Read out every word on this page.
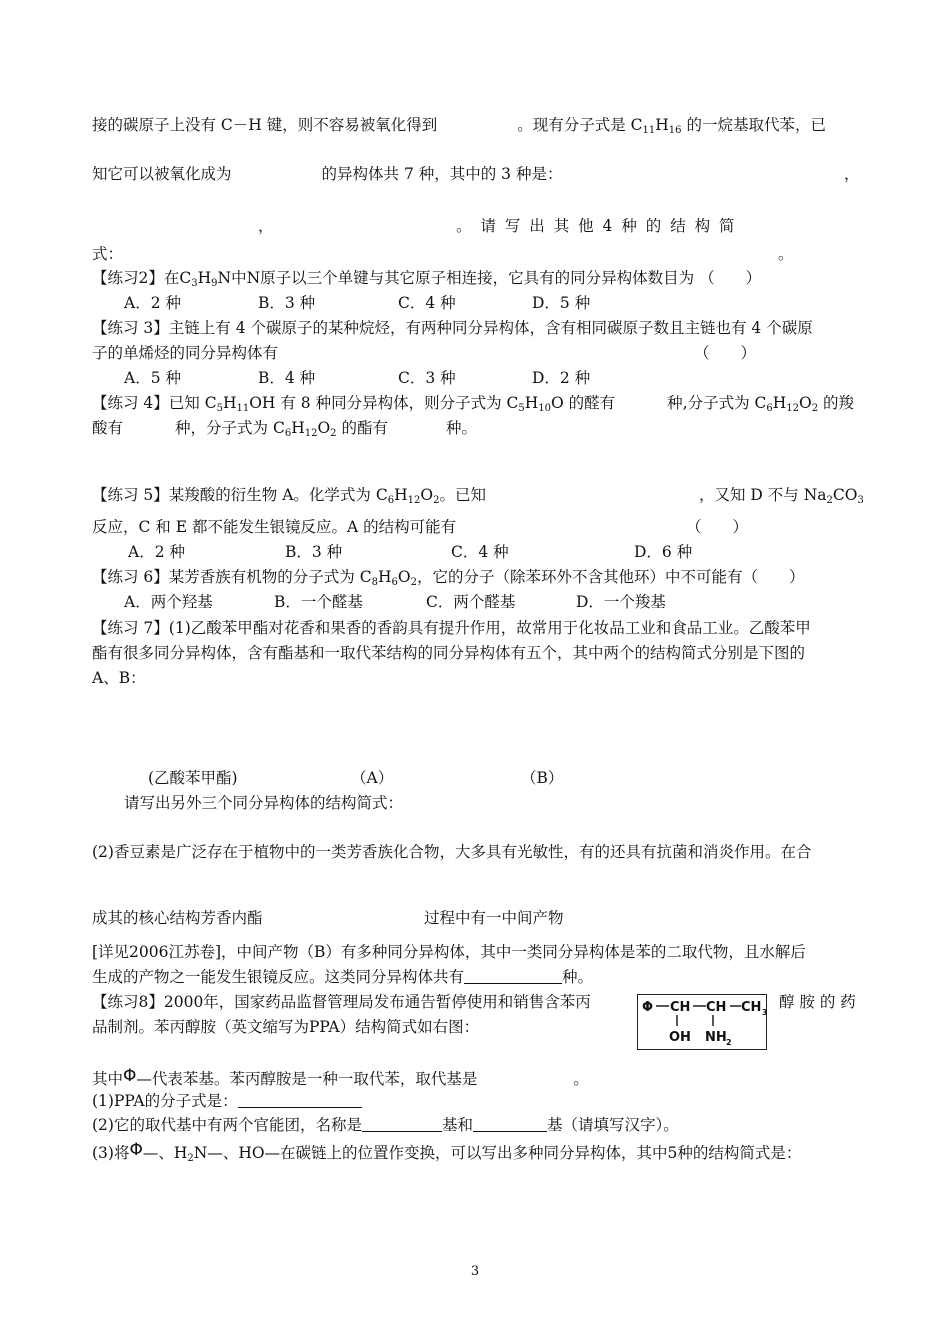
接的碳原子上没有 C－H 键，则不容易被氧化得到	。现有分子式是 $C_{11}H_{16}$ 的一烷基取代苯，已
知它可以被氧化成为	的异构体共 7 种，其中的 3 种是：	，
，	。 请 写 出 其 他 4 种 的 结 构 简
式：	。
【练习2】在$C_3H_9N$中N原子以三个单键与其它原子相连接，它具有的同分异构体数目为 （　　）
A．2 种	B．3 种	C．4 种	D．5 种
【练习 3】主链上有 4 个碳原子的某种烷烃，有两种同分异构体，含有相同碳原子数且主链也有 4 个碳原
子的单烯烃的同分异构体有	（　　）
A．5 种	B．4 种	C．3 种	D．2 种
【练习 4】已知 $C_5H_{11}OH$ 有 8 种同分异构体，则分子式为 $C_5H_{10}O$ 的醛有	种,分子式为 $C_6H_{12}O_2$ 的羧
酸有	种，分子式为 $C_6H_{12}O_2$ 的酯有	种。
【练习 5】某羧酸的衍生物 A。化学式为 $C_6H_{12}O_2$。已知	，又知 D 不与 $Na_2CO_3$
反应，C 和 E 都不能发生银镜反应。A 的结构可能有	（　　）
A．2 种	B．3 种	C．4 种	D．6 种
【练习 6】某芳香族有机物的分子式为 $C_8H_6O_2$，它的分子（除苯环外不含其他环）中不可能有（　　）
A．两个羟基	B．一个醛基	C．两个醛基	D．一个羧基
【练习 7】(1)乙酸苯甲酯对花香和果香的香韵具有提升作用，故常用于化妆品工业和食品工业。乙酸苯甲
酯有很多同分异构体，含有酯基和一取代苯结构的同分异构体有五个，其中两个的结构简式分别是下图的
A、B：
(乙酸苯甲酯)	（A）	（B）
请写出另外三个同分异构体的结构简式：
(2)香豆素是广泛存在于植物中的一类芳香族化合物，大多具有光敏性，有的还具有抗菌和消炎作用。在合
成其的核心结构芳香内酯	过程中有一中间产物
[详见2006江苏卷]，中间产物（B）有多种同分异构体，其中一类同分异构体是苯的二取代物，且水解后
生成的产物之一能发生银镜反应。这类同分异构体共有	种。
【练习8】2000年，国家药品监督管理局发布通告暂停使用和销售含苯丙	醇 胺 的 药
品制剂。苯丙醇胺（英文缩写为PPA）结构简式如右图：
Φ CH CH CH 3
OH NH 2
其中Φ—代表苯基。苯丙醇胺是一种一取代苯，取代基是	。
(1)PPA的分子式是：
(2)它的取代基中有两个官能团，名称是	基和	基（请填写汉字）。
(3)将Φ—、$H_2N—$、HO—在碳链上的位置作变换，可以写出多种同分异构体，其中5种的结构简式是：
3
